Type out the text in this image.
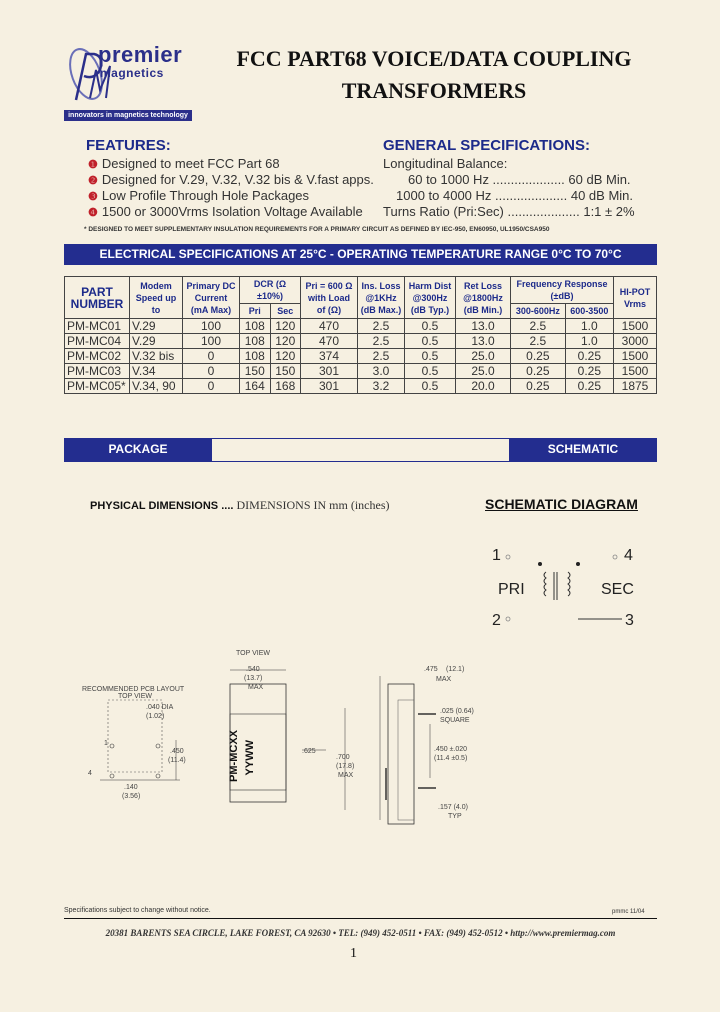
premier
magnetics
innovators in magnetics technology
FCC PART68 VOICE/DATA COUPLING
TRANSFORMERS
FEATURES:
❶ Designed to meet FCC Part 68
❷ Designed for V.29, V.32, V.32 bis & V.fast apps.
❸ Low Profile Through Hole Packages
❹ 1500 or 3000Vrms Isolation Voltage Available
GENERAL SPECIFICATIONS:
Longitudinal Balance:
60 to 1000 Hz .................... 60 dB Min.
1000 to 4000 Hz .................... 40 dB Min.
Turns Ratio (Pri:Sec) .................... 1:1 ± 2%
* DESIGNED TO MEET SUPPLEMENTARY INSULATION REQUIREMENTS FOR A PRIMARY CIRCUIT AS DEFINED BY IEC-950, EN60950, UL1950/CSA950
ELECTRICAL SPECIFICATIONS AT 25°C - OPERATING TEMPERATURE RANGE 0°C TO 70°C
PART NUMBER	Modem Speed up to	Primary DC Current (mA Max)	DCR (Ω ±10%)		Pri = 600 Ω with Load of (Ω)	Ins. Loss @1KHz (dB Max.)	Harm Dist @300Hz (dB Typ.)	Ret Loss @1800Hz (dB Min.)	Frequency Response (±dB)		HI-POT Vrms
			Pri	Sec					300-600Hz	600-3500	
PM-MC01	V.29	100	108	120	470	2.5	0.5	13.0	2.5	1.0	1500
PM-MC04	V.29	100	108	120	470	2.5	0.5	13.0	2.5	1.0	3000
PM-MC02	V.32 bis	0	108	120	374	2.5	0.5	25.0	0.25	0.25	1500
PM-MC03	V.34	0	150	150	301	3.0	0.5	25.0	0.25	0.25	1500
PM-MC05*	V.34, 90	0	164	168	301	3.2	0.5	20.0	0.25	0.25	1875
PACKAGE	SCHEMATIC
PHYSICAL DIMENSIONS .... DIMENSIONS IN mm (inches)	SCHEMATIC DIAGRAM
1	4
PRI	SEC
2	3
TOP VIEW
.540
(13.7)
MAX
RECOMMENDED PCB LAYOUT
TOP VIEW
.040 DIA
(1.02)
.450
(11.4)
.140
(3.56)
1
4	PM-MCXX YYWW	.625
.700
(17.8)
MAX
.475 (12.1)
MAX
.025 (0.64)
SQUARE
.450 ±.020
(11.4 ±0.5)
.157 (4.0)
TYP
Specifications subject to change without notice.	pmmc 11/04
20381 BARENTS SEA CIRCLE, LAKE FOREST, CA 92630 • TEL: (949) 452-0511 • FAX: (949) 452-0512 • http://www.premiermag.com
1
